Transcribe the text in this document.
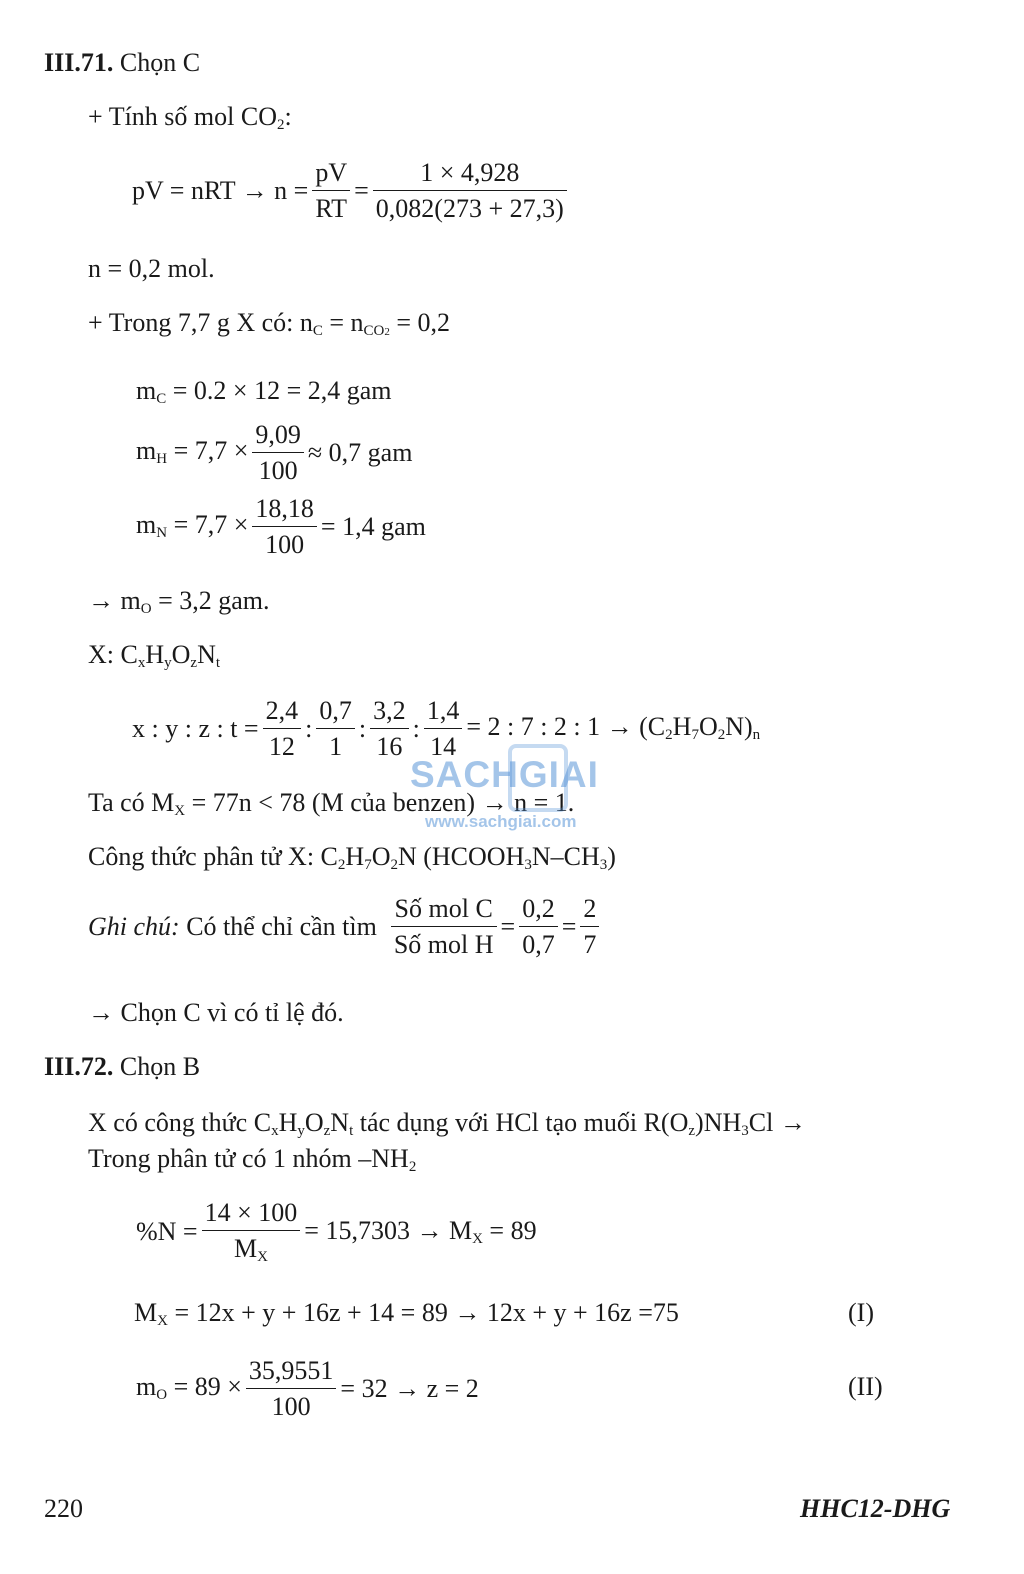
III.71. Chọn C
+ Tính số mol $CO_2$:
pV = nRT → $n = \frac{pV}{RT} = \frac{1 \times 4,928}{0,082(273 + 27,3)}$
n = 0,2 mol.
+ Trong 7,7 g X có: $n_C = n_{CO2} = 0,2$
$m_C = 0.2 \times 12 = 2,4$ gam
$m_H = 7,7 \times \frac{9,09}{100} \approx 0,7$ gam
$m_N = 7,7 \times \frac{18,18}{100} = 1,4$ gam
→ $m_O = 3,2$ gam.
X: $C_xH_yO_zN_t$
x : y : z : $t = \frac{2,4}{12}$ : $\frac{0,7}{1}$ : $\frac{3,2}{16}$ : $\frac{1,4}{14} = 2$ : 7 : 2 : $1 \to (C_2H_7O_2N)_n$
Ta có $M_X = 77n < 78$ (M của benzen) → n = 1.
Công thức phân tử X: $C_2H_7O_2N$ $(HCOOH_3N-CH_3)$
Ghi chú: Có thể chỉ cần tìm $\frac{\text{Số mol C}}{\text{Số mol H}} = \frac{0,2}{0,7} = \frac{2}{7}$
→ Chọn C vì có tỉ lệ đó.
III.72. Chọn B
X có công thức $C_xH_yO_zN_t$ tác dụng với HCl tạo muối $R(O_z)NH_3Cl$ →
Trong phân tử có 1 nhóm $-NH_2$
$\%N = \frac{14 \times 100}{M_X} = 15,7303 \to M_X = 89$
$M_X = 12x + y + 16z + 14 = 89 \to 12x + y + 16z =75$	(I)
$m_O = 89 \times \frac{35,9551}{100} = 32 \to z = 2$	(II)
SACHGIAI
www.sachgiai.com
220	HHC12-DHG
